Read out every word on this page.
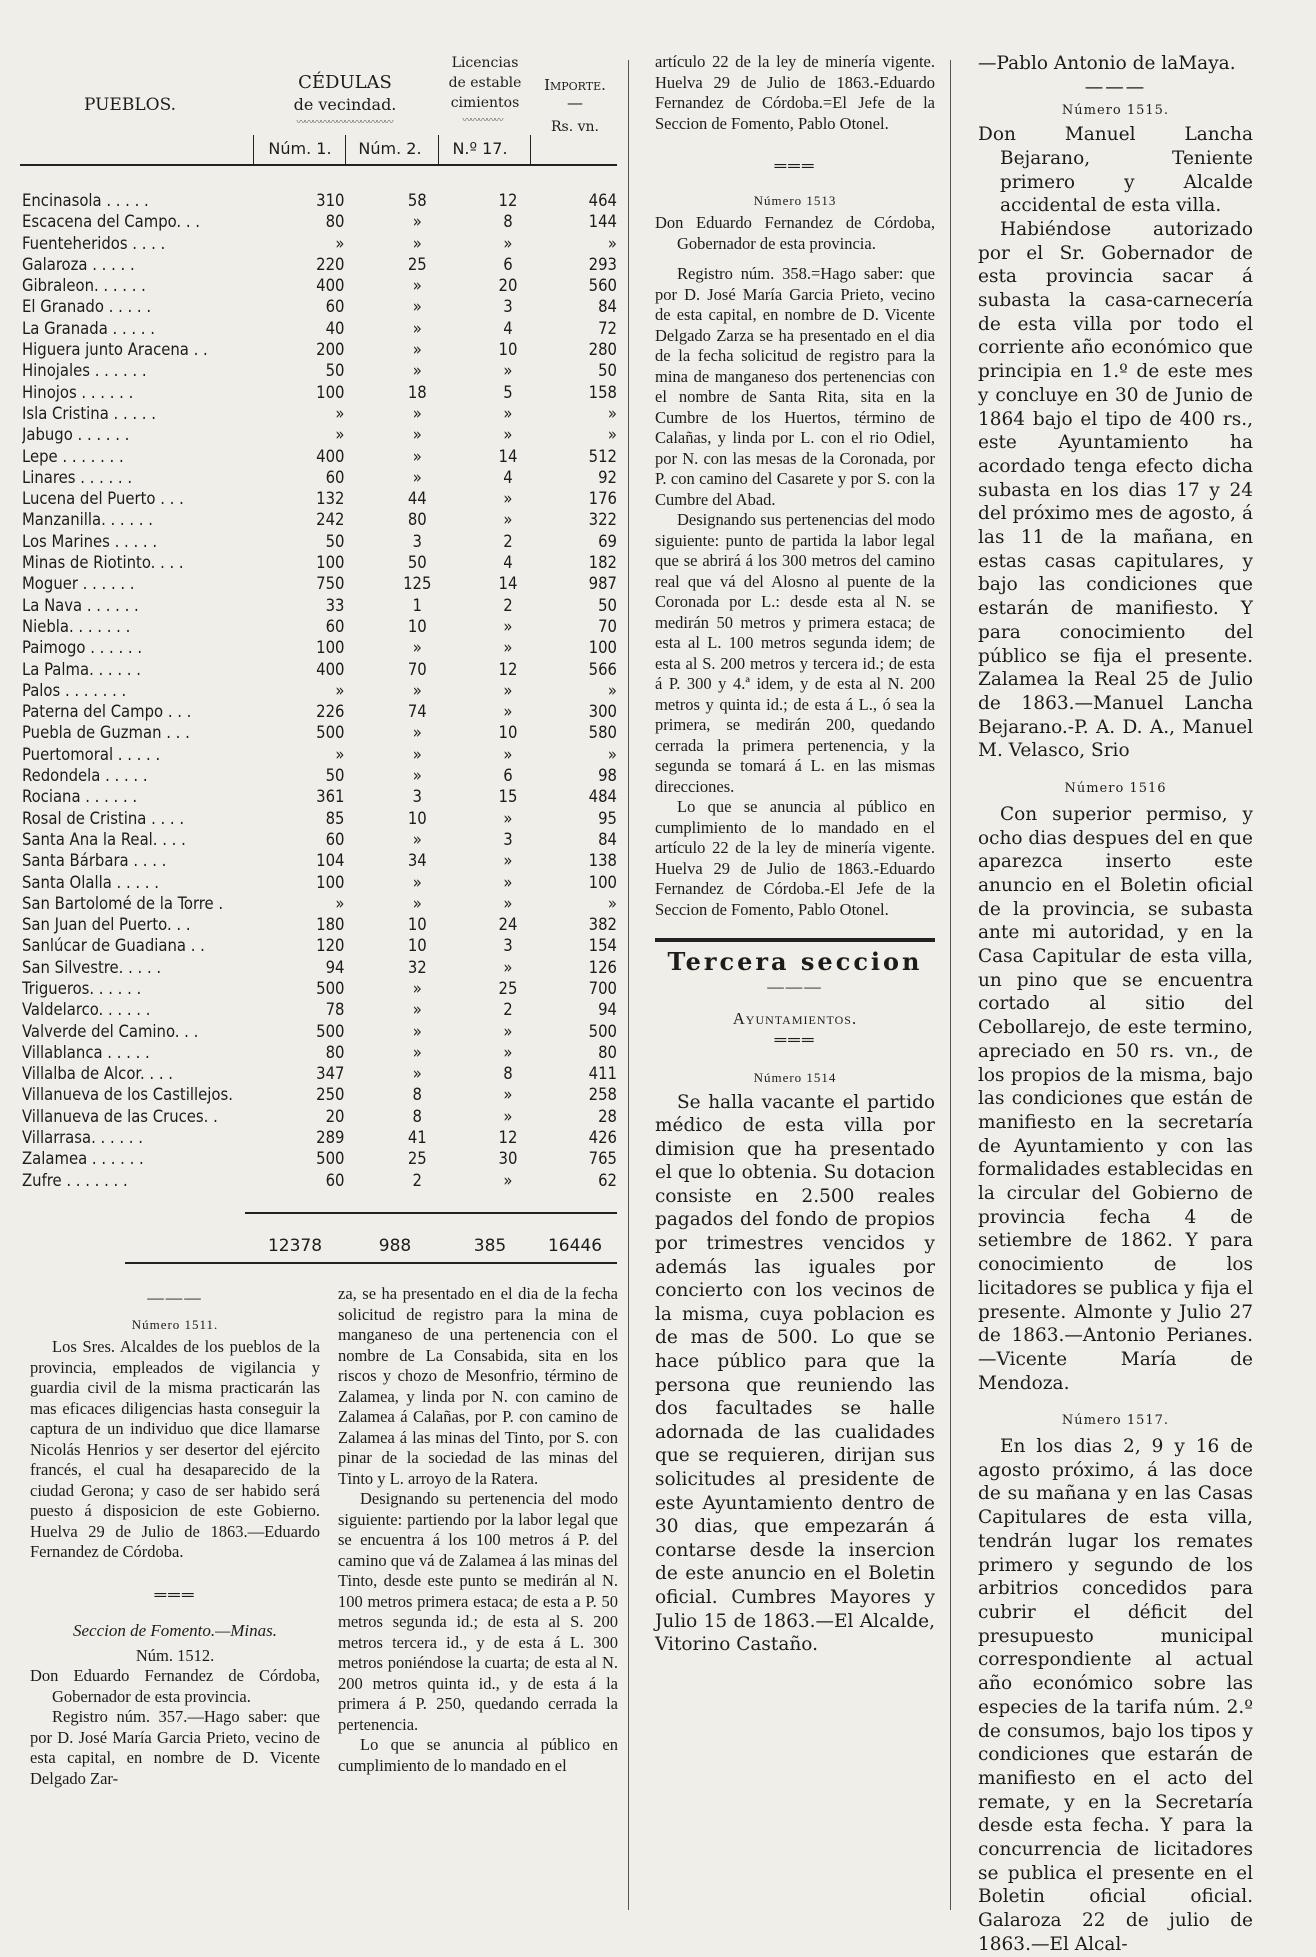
PUEBLOS.
CÉDULAS
de vecindad.
〰〰〰〰〰〰〰〰〰〰〰〰
Licencias
de estable
cimientos
〰〰〰〰〰
Importe.
—
Rs. vn.
Núm. 1.	Núm. 2.	N.º 17.
Encinasola . . . . .	310	58	12	464
Escacena del Campo. . .	80	»	8	144
Fuenteheridos . . . .	»	»	»	»
Galaroza . . . . .	220	25	6	293
Gibraleon. . . . . .	400	»	20	560
El Granado . . . . .	60	»	3	84
La Granada . . . . .	40	»	4	72
Higuera junto Aracena . .	200	»	10	280
Hinojales . . . . . .	50	»	»	50
Hinojos . . . . . .	100	18	5	158
Isla Cristina . . . . .	»	»	»	»
Jabugo . . . . . .	»	»	»	»
Lepe . . . . . . .	400	»	14	512
Linares . . . . . .	60	»	4	92
Lucena del Puerto . . .	132	44	»	176
Manzanilla. . . . . .	242	80	»	322
Los Marines . . . . .	50	3	2	69
Minas de Riotinto. . . .	100	50	4	182
Moguer . . . . . .	750	125	14	987
La Nava . . . . . .	33	1	2	50
Niebla. . . . . . .	60	10	»	70
Paimogo . . . . . .	100	»	»	100
La Palma. . . . . .	400	70	12	566
Palos . . . . . . .	»	»	»	»
Paterna del Campo . . .	226	74	»	300
Puebla de Guzman . . .	500	»	10	580
Puertomoral . . . . .	»	»	»	»
Redondela . . . . .	50	»	6	98
Rociana . . . . . .	361	3	15	484
Rosal de Cristina . . . .	85	10	»	95
Santa Ana la Real. . . .	60	»	3	84
Santa Bárbara . . . .	104	34	»	138
Santa Olalla . . . . .	100	»	»	100
San Bartolomé de la Torre .	»	»	»	»
San Juan del Puerto. . .	180	10	24	382
Sanlúcar de Guadiana . .	120	10	3	154
San Silvestre. . . . .	94	32	»	126
Trigueros. . . . . .	500	»	25	700
Valdelarco. . . . . .	78	»	2	94
Valverde del Camino. . .	500	»	»	500
Villablanca . . . . .	80	»	»	80
Villalba de Alcor. . . .	347	»	8	411
Villanueva de los Castillejos.	250	8	»	258
Villanueva de las Cruces. .	20	8	»	28
Villarrasa. . . . . .	289	41	12	426
Zalamea . . . . . .	500	25	30	765
Zufre . . . . . . .	60	2	»	62
12378	988	385	16446

———

Número 1511.

Los Sres. Alcaldes de los pueblos de la provincia, empleados de vigilancia y guardia civil de la misma practicarán las mas eficaces diligencias hasta conseguir la captura de un individuo que dice llamarse Nicolás Henrios y ser desertor del ejército francés, el cual ha desaparecido de la ciudad Gerona; y caso de ser habido será puesto á disposicion de este Gobierno. Huelva 29 de Julio de 1863.—Eduardo Fernandez de Córdoba.

═══

Seccion de Fomento.—Minas.

Núm. 1512.

Don Eduardo Fernandez de Córdoba, Gobernador de esta provincia.

Registro núm. 357.—Hago saber: que por D. José María Garcia Prieto, vecino de esta capital, en nombre de D. Vicente Delgado Zar-

za, se ha presentado en el dia de la fecha solicitud de registro para la mina de manganeso de una pertenencia con el nombre de La Consabida, sita en los riscos y chozo de Mesonfrio, término de Zalamea, y linda por N. con camino de Zalamea á Calañas, por P. con camino de Zalamea á las minas del Tinto, por S. con pinar de la sociedad de las minas del Tinto y L. arroyo de la Ratera.

Designando su pertenencia del modo siguiente: partiendo por la labor legal que se encuentra á los 100 metros á P. del camino que vá de Zalamea á las minas del Tinto, desde este punto se medirán al N. 100 metros primera estaca; de esta a P. 50 metros segunda id.; de esta al S. 200 metros tercera id., y de esta á L. 300 metros poniéndose la cuarta; de esta al N. 200 metros quinta id., y de esta á la primera á P. 250, quedando cerrada la pertenencia.

Lo que se anuncia al público en cumplimiento de lo mandado en el

artículo 22 de la ley de minería vigente. Huelva 29 de Julio de 1863.-Eduardo Fernandez de Córdoba.=El Jefe de la Seccion de Fomento, Pablo Otonel.

═══

Número 1513

Don Eduardo Fernandez de Córdoba, Gobernador de esta provincia.

Registro núm. 358.=Hago saber: que por D. José María Garcia Prieto, vecino de esta capital, en nombre de D. Vicente Delgado Zarza se ha presentado en el dia de la fecha solicitud de registro para la mina de manganeso dos pertenencias con el nombre de Santa Rita, sita en la Cumbre de los Huertos, término de Calañas, y linda por L. con el rio Odiel, por N. con las mesas de la Coronada, por P. con camino del Casarete y por S. con la Cumbre del Abad.

Designando sus pertenencias del modo siguiente: punto de partida la labor legal que se abrirá á los 300 metros del camino real que vá del Alosno al puente de la Coronada por L.: desde esta al N. se medirán 50 metros y primera estaca; de esta al L. 100 metros segunda idem; de esta al S. 200 metros y tercera id.; de esta á P. 300 y 4.ª idem, y de esta al N. 200 metros y quinta id.; de esta á L., ó sea la primera, se medirán 200, quedando cerrada la primera pertenencia, y la segunda se tomará á L. en las mismas direcciones.

Lo que se anuncia al público en cumplimiento de lo mandado en el artículo 22 de la ley de minería vigente. Huelva 29 de Julio de 1863.-Eduardo Fernandez de Córdoba.-El Jefe de la Seccion de Fomento, Pablo Otonel.

Tercera seccion

———

Ayuntamientos.

═══

Número 1514

Se halla vacante el partido médico de esta villa por dimision que ha presentado el que lo obtenia. Su dotacion consiste en 2.500 reales pagados del fondo de propios por trimestres vencidos y además las iguales por concierto con los vecinos de la misma, cuya poblacion es de mas de 500. Lo que se hace público para que la persona que reuniendo las dos facultades se halle adornada de las cualidades que se requieren, dirijan sus solicitudes al presidente de este Ayuntamiento dentro de 30 dias, que empezarán á contarse desde la insercion de este anuncio en el Boletin oficial. Cumbres Mayores y Julio 15 de 1863.—El Alcalde, Vitorino Castaño.

—Pablo Antonio de laMaya.

———

Número 1515.

Don Manuel Lancha Bejarano, Teniente primero y Alcalde accidental de esta villa.

Habiéndose autorizado por el Sr. Gobernador de esta provincia sacar á subasta la casa-carnecería de esta villa por todo el corriente año económico que principia en 1.º de este mes y concluye en 30 de Junio de 1864 bajo el tipo de 400 rs., este Ayuntamiento ha acordado tenga efecto dicha subasta en los dias 17 y 24 del próximo mes de agosto, á las 11 de la mañana, en estas casas capitulares, y bajo las condiciones que estarán de manifiesto. Y para conocimiento del público se fija el presente. Zalamea la Real 25 de Julio de 1863.—Manuel Lancha Bejarano.-P. A. D. A., Manuel M. Velasco, Srio

Número 1516

Con superior permiso, y ocho dias despues del en que aparezca inserto este anuncio en el Boletin oficial de la provincia, se subasta ante mi autoridad, y en la Casa Capitular de esta villa, un pino que se encuentra cortado al sitio del Cebollarejo, de este termino, apreciado en 50 rs. vn., de los propios de la misma, bajo las condiciones que están de manifiesto en la secretaría de Ayuntamiento y con las formalidades establecidas en la circular del Gobierno de provincia fecha 4 de setiembre de 1862. Y para conocimiento de los licitadores se publica y fija el presente. Almonte y Julio 27 de 1863.—Antonio Perianes.—Vicente María de Mendoza.

Número 1517.

En los dias 2, 9 y 16 de agosto próximo, á las doce de su mañana y en las Casas Capitulares de esta villa, tendrán lugar los remates primero y segundo de los arbitrios concedidos para cubrir el déficit del presupuesto municipal correspondiente al actual año económico sobre las especies de la tarifa núm. 2.º de consumos, bajo los tipos y condiciones que estarán de manifiesto en el acto del remate, y en la Secretaría desde esta fecha. Y para la concurrencia de licitadores se publica el presente en el Boletin oficial oficial. Galaroza 22 de julio de 1863.—El Alcal-
